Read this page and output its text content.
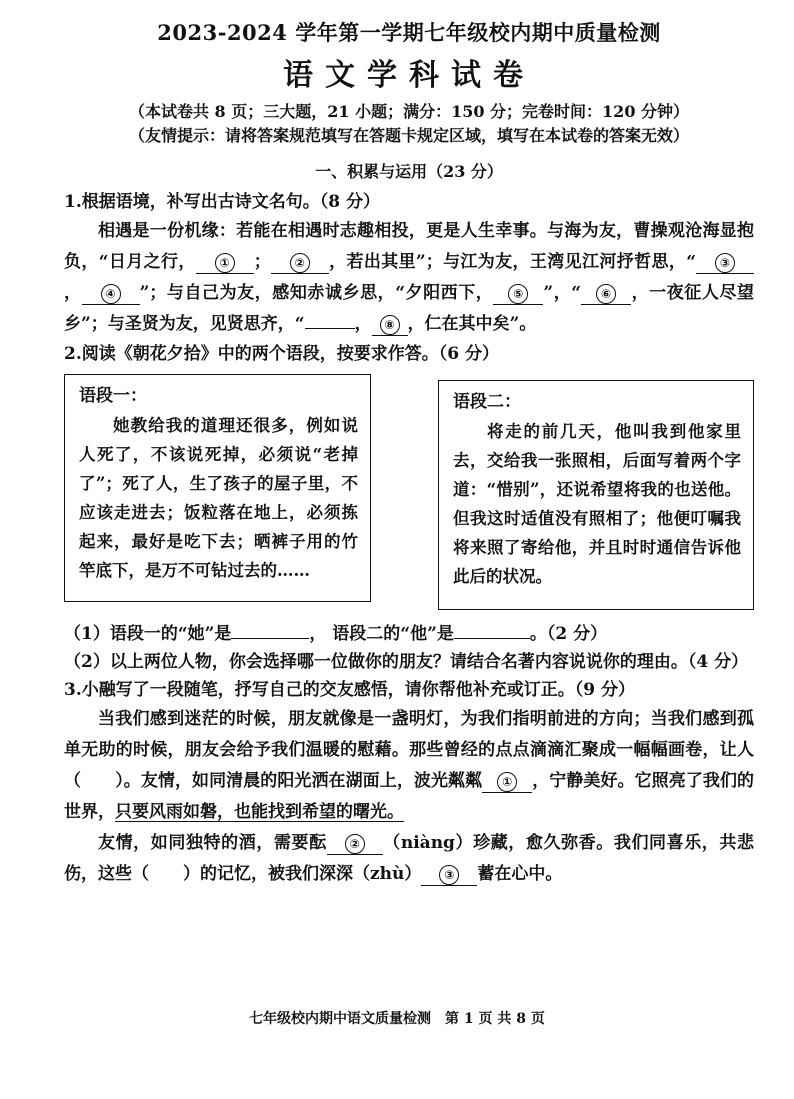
2023-2024 学年第一学期七年级校内期中质量检测

语文学科试卷

（本试卷共 8 页；三大题，21 小题；满分：150 分；完卷时间：120 分钟）

（友情提示：请将答案规范填写在答题卡规定区域，填写在本试卷的答案无效）

一、积累与运用（23 分）

1.根据语境，补写出古诗文名句。（8 分）

相遇是一份机缘：若能在相遇时志趣相投，更是人生幸事。与海为友，曹操观沧海显抱负，“日月之行， ① ； ② ，若出其里”；与江为友，王湾见江河抒哲思，“ ③， ④ ”；与自己为友，感知赤诚乡思，“夕阳西下， ⑤ ”，“ ⑥ ，一夜征人尽望乡”；与圣贤为友，见贤思齐，“	， ⑧ ，仁在其中矣”。

2.阅读《朝花夕拾》中的两个语段，按要求作答。（6 分）

语段一：

她教给我的道理还很多，例如说人死了，不该说死掉，必须说“老掉了”；死了人，生了孩子的屋子里，不应该走进去；饭粒落在地上，必须拣起来，最好是吃下去；晒裤子用的竹竿底下，是万不可钻过去的……

语段二：

将走的前几天，他叫我到他家里去，交给我一张照相，后面写着两个字道：“惜别”，还说希望将我的也送他。但我这时适值没有照相了；他便叮嘱我将来照了寄给他，并且时时通信告诉他此后的状况。

（1）语段一的“她”是	， 语段二的“他”是	。（2 分）

（2）以上两位人物，你会选择哪一位做你的朋友？请结合名著内容说说你的理由。（4 分）

3.小融写了一段随笔，抒写自己的交友感悟，请你帮他补充或订正。（9 分）

当我们感到迷茫的时候，朋友就像是一盏明灯，为我们指明前进的方向；当我们感到孤单无助的时候，朋友会给予我们温暖的慰藉。那些曾经的点点滴滴汇聚成一幅幅画卷，让人（　　）。友情，如同清晨的阳光洒在湖面上，波光粼粼 ① ，宁静美好。它照亮了我们的世界，只要风雨如磐，也能找到希望的曙光。

友情，如同独特的酒，需要酝 ② （niàng）珍藏，愈久弥香。我们同喜乐，共悲伤，这些（　　）的记忆，被我们深深（zhù） ③ 蓄在心中。

七年级校内期中语文质量检测　第 1 页 共 8 页
